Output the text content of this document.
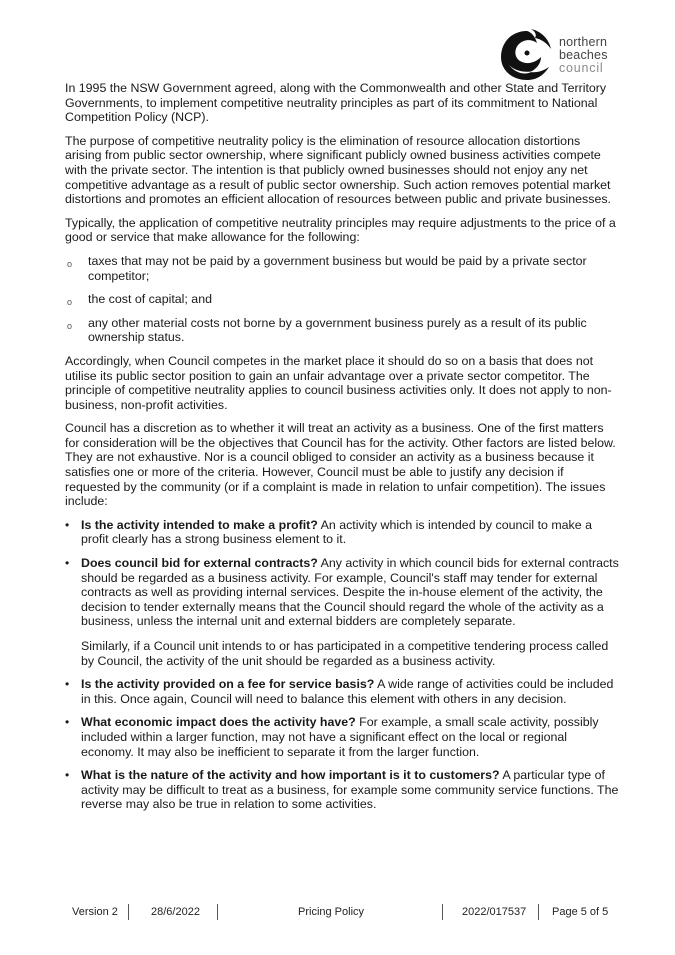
northern
beaches
council

In 1995 the NSW Government agreed, along with the Commonwealth and other State and Territory Governments, to implement competitive neutrality principles as part of its commitment to National Competition Policy (NCP).

The purpose of competitive neutrality policy is the elimination of resource allocation distortions arising from public sector ownership, where significant publicly owned business activities compete with the private sector. The intention is that publicly owned businesses should not enjoy any net competitive advantage as a result of public sector ownership. Such action removes potential market distortions and promotes an efficient allocation of resources between public and private businesses.

Typically, the application of competitive neutrality principles may require adjustments to the price of a good or service that make allowance for the following:

o taxes that may not be paid by a government business but would be paid by a private sector competitor;
o the cost of capital; and
o any other material costs not borne by a government business purely as a result of its public ownership status.

Accordingly, when Council competes in the market place it should do so on a basis that does not utilise its public sector position to gain an unfair advantage over a private sector competitor. The principle of competitive neutrality applies to council business activities only. It does not apply to non-business, non-profit activities.

Council has a discretion as to whether it will treat an activity as a business. One of the first matters for consideration will be the objectives that Council has for the activity. Other factors are listed below. They are not exhaustive. Nor is a council obliged to consider an activity as a business because it satisfies one or more of the criteria. However, Council must be able to justify any decision if requested by the community (or if a complaint is made in relation to unfair competition). The issues include:

• Is the activity intended to make a profit? An activity which is intended by council to make a profit clearly has a strong business element to it.
• Does council bid for external contracts? Any activity in which council bids for external contracts should be regarded as a business activity. For example, Council's staff may tender for external contracts as well as providing internal services. Despite the in-house element of the activity, the decision to tender externally means that the Council should regard the whole of the activity as a business, unless the internal unit and external bidders are completely separate.

Similarly, if a Council unit intends to or has participated in a competitive tendering process called by Council, the activity of the unit should be regarded as a business activity.

• Is the activity provided on a fee for service basis? A wide range of activities could be included in this. Once again, Council will need to balance this element with others in any decision.
• What economic impact does the activity have? For example, a small scale activity, possibly included within a larger function, may not have a significant effect on the local or regional economy. It may also be inefficient to separate it from the larger function.
• What is the nature of the activity and how important is it to customers? A particular type of activity may be difficult to treat as a business, for example some community service functions. The reverse may also be true in relation to some activities.
Version 2	28/6/2022	Pricing Policy	2022/017537 Page 5 of 5
